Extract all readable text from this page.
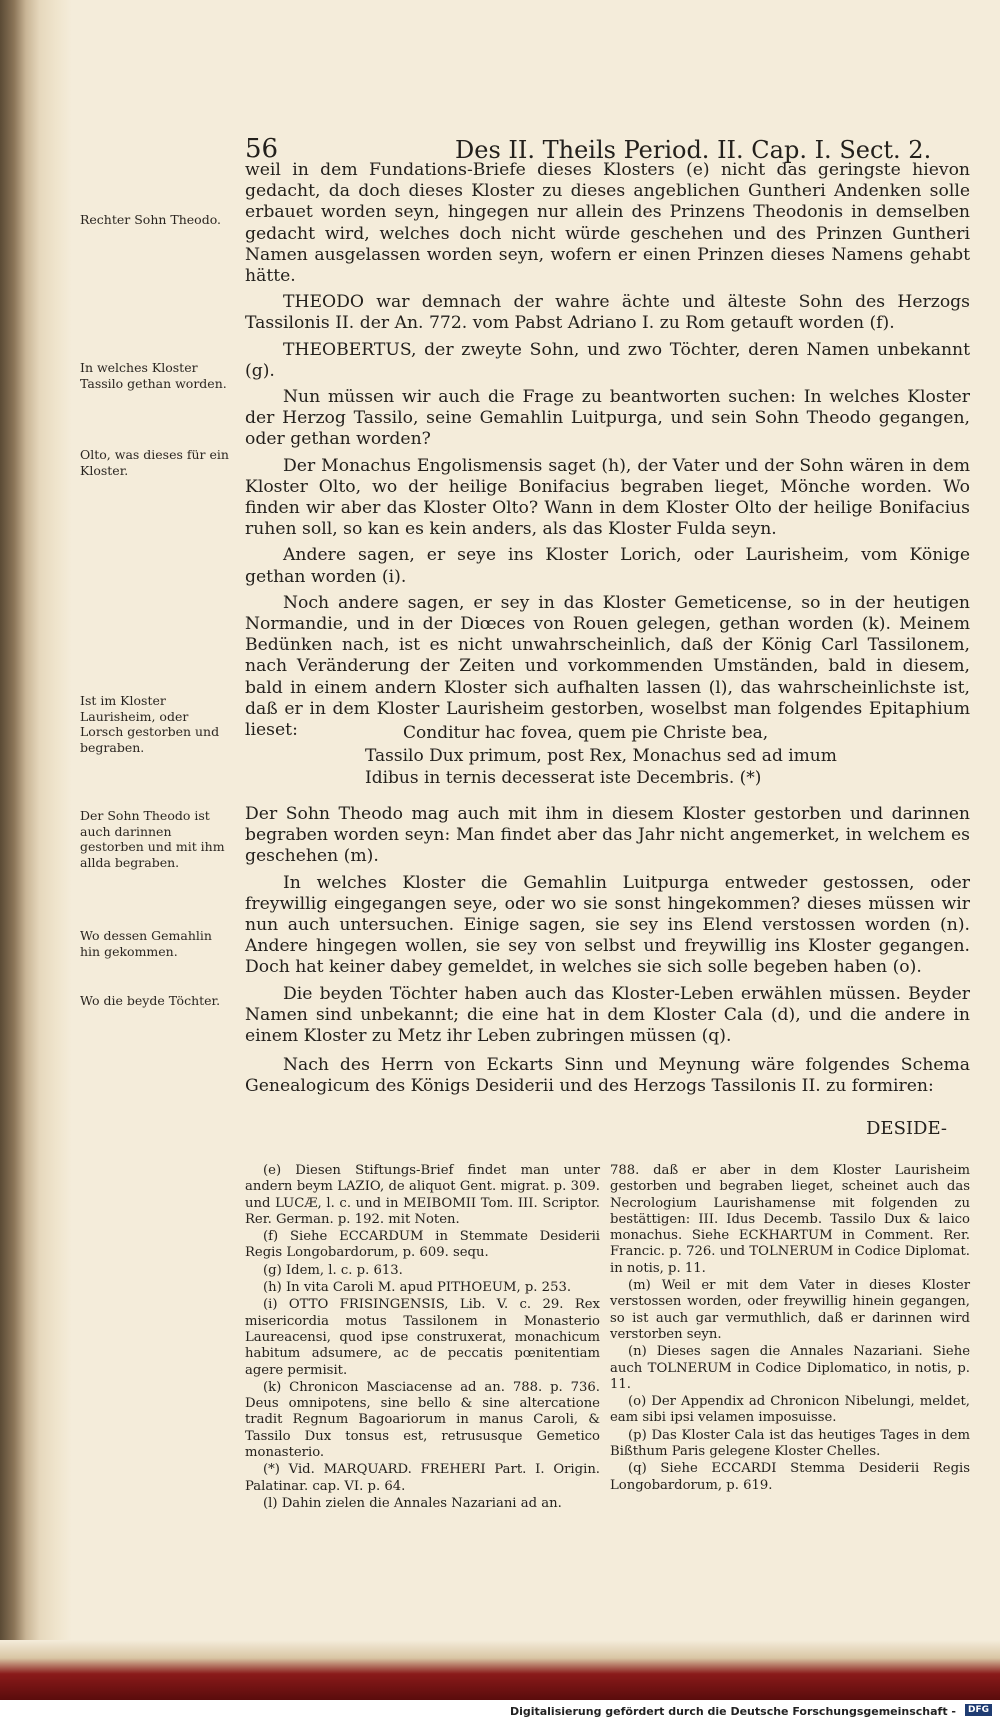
56	Des II. Theils Period. II. Cap. I. Sect. 2.
Rechter Sohn Theodo.
In welches Kloster Tassilo gethan worden.
Olto, was dieses für ein Kloster.
Ist im Kloster Laurisheim, oder Lorsch gestorben und begraben.
Der Sohn Theodo ist auch darinnen gestorben und mit ihm allda begraben.
Wo dessen Gemahlin hin gekommen.
Wo die beyde Töchter.

weil in dem Fundations-Briefe dieses Klosters (e) nicht das geringste hievon gedacht, da doch dieses Kloster zu dieses angeblichen Guntheri Andenken solle erbauet worden seyn, hingegen nur allein des Prinzens Theodonis in demselben gedacht wird, welches doch nicht würde geschehen und des Prinzen Guntheri Namen ausgelassen worden seyn, wofern er einen Prinzen dieses Namens gehabt hätte.

THEODO war demnach der wahre ächte und älteste Sohn des Herzogs Tassilonis II. der An. 772. vom Pabst Adriano I. zu Rom getauft worden (f).

THEOBERTUS, der zweyte Sohn, und zwo Töchter, deren Namen unbekannt (g).

Nun müssen wir auch die Frage zu beantworten suchen: In welches Kloster der Herzog Tassilo, seine Gemahlin Luitpurga, und sein Sohn Theodo gegangen, oder gethan worden?

Der Monachus Engolismensis saget (h), der Vater und der Sohn wären in dem Kloster Olto, wo der heilige Bonifacius begraben lieget, Mönche worden. Wo finden wir aber das Kloster Olto? Wann in dem Kloster Olto der heilige Bonifacius ruhen soll, so kan es kein anders, als das Kloster Fulda seyn.

Andere sagen, er seye ins Kloster Lorich, oder Laurisheim, vom Könige gethan worden (i).

Noch andere sagen, er sey in das Kloster Gemeticense, so in der heutigen Normandie, und in der Diœces von Rouen gelegen, gethan worden (k). Meinem Bedünken nach, ist es nicht unwahrscheinlich, daß der König Carl Tassilonem, nach Veränderung der Zeiten und vorkommenden Umständen, bald in diesem, bald in einem andern Kloster sich aufhalten lassen (l), das wahrscheinlichste ist, daß er in dem Kloster Laurisheim gestorben, woselbst man folgendes Epitaphium lieset:	Conditur hac fovea, quem pie Christe bea,
Tassilo Dux primum, post Rex, Monachus sed ad imum
Idibus in ternis decesserat iste Decembris. (*)

Der Sohn Theodo mag auch mit ihm in diesem Kloster gestorben und darinnen begraben worden seyn: Man findet aber das Jahr nicht angemerket, in welchem es geschehen (m).

In welches Kloster die Gemahlin Luitpurga entweder gestossen, oder freywillig eingegangen seye, oder wo sie sonst hingekommen? dieses müssen wir nun auch untersuchen. Einige sagen, sie sey ins Elend verstossen worden (n). Andere hingegen wollen, sie sey von selbst und freywillig ins Kloster gegangen. Doch hat keiner dabey gemeldet, in welches sie sich solle begeben haben (o).

Die beyden Töchter haben auch das Kloster-Leben erwählen müssen. Beyder Namen sind unbekannt; die eine hat in dem Kloster Cala (d), und die andere in einem Kloster zu Metz ihr Leben zubringen müssen (q).

Nach des Herrn von Eckarts Sinn und Meynung wäre folgendes Schema Genealogicum des Königs Desiderii und des Herzogs Tassilonis II. zu formiren:

DESIDE-

(e) Diesen Stiftungs-Brief findet man unter andern beym LAZIO, de aliquot Gent. migrat. p. 309. und LUCÆ, l. c. und in MEIBOMII Tom. III. Scriptor. Rer. German. p. 192. mit Noten.

(f) Siehe ECCARDUM in Stemmate Desiderii Regis Longobardorum, p. 609. sequ.

(g) Idem, l. c. p. 613.

(h) In vita Caroli M. apud PITHOEUM, p. 253.

(i) OTTO FRISINGENSIS, Lib. V. c. 29. Rex misericordia motus Tassilonem in Monasterio Laureacensi, quod ipse construxerat, monachicum habitum adsumere, ac de peccatis pœnitentiam agere permisit.

(k) Chronicon Masciacense ad an. 788. p. 736. Deus omnipotens, sine bello & sine altercatione tradit Regnum Bagoariorum in manus Caroli, & Tassilo Dux tonsus est, retrususque Gemetico monasterio.

(*) Vid. MARQUARD. FREHERI Part. I. Origin. Palatinar. cap. VI. p. 64.

(l) Dahin zielen die Annales Nazariani ad an.

788. daß er aber in dem Kloster Laurisheim gestorben und begraben lieget, scheinet auch das Necrologium Laurishamense mit folgenden zu bestättigen: III. Idus Decemb. Tassilo Dux & laico monachus. Siehe ECKHARTUM in Comment. Rer. Francic. p. 726. und TOLNERUM in Codice Diplomat. in notis, p. 11.

(m) Weil er mit dem Vater in dieses Kloster verstossen worden, oder freywillig hinein gegangen, so ist auch gar vermuthlich, daß er darinnen wird verstorben seyn.

(n) Dieses sagen die Annales Nazariani. Siehe auch TOLNERUM in Codice Diplomatico, in notis, p. 11.

(o) Der Appendix ad Chronicon Nibelungi, meldet, eam sibi ipsi velamen imposuisse.

(p) Das Kloster Cala ist das heutiges Tages in dem Bißthum Paris gelegene Kloster Chelles.

(q) Siehe ECCARDI Stemma Desiderii Regis Longobardorum, p. 619.

Digitalisierung gefördert durch die Deutsche Forschungsgemeinschaft -	DFG
